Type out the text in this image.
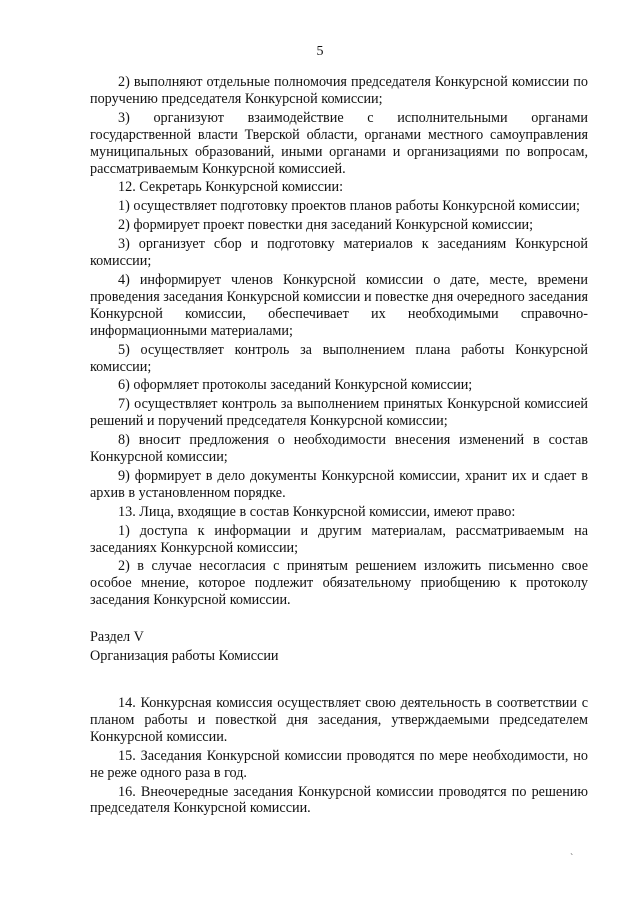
5

2) выполняют отдельные полномочия председателя Конкурсной комиссии по поручению председателя Конкурсной комиссии;

3) организуют взаимодействие с исполнительными органами государственной власти Тверской области, органами местного самоуправления муниципальных образований, иными органами и организациями по вопросам, рассматриваемым Конкурсной комиссией.

12. Секретарь Конкурсной комиссии:

1) осуществляет подготовку проектов планов работы Конкурсной комиссии;

2) формирует проект повестки дня заседаний Конкурсной комиссии;

3) организует сбор и подготовку материалов к заседаниям Конкурсной комиссии;

4) информирует членов Конкурсной комиссии о дате, месте, времени проведения заседания Конкурсной комиссии и повестке дня очередного заседания Конкурсной комиссии, обеспечивает их необходимыми справочно-информационными материалами;

5) осуществляет контроль за выполнением плана работы Конкурсной комиссии;

6) оформляет протоколы заседаний Конкурсной комиссии;

7) осуществляет контроль за выполнением принятых Конкурсной комиссией решений и поручений председателя Конкурсной комиссии;

8) вносит предложения о необходимости внесения изменений в состав Конкурсной комиссии;

9) формирует в дело документы Конкурсной комиссии, хранит их и сдает в архив в установленном порядке.

13. Лица, входящие в состав Конкурсной комиссии, имеют право:

1) доступа к информации и другим материалам, рассматриваемым на заседаниях Конкурсной комиссии;

2) в случае несогласия с принятым решением изложить письменно свое особое мнение, которое подлежит обязательному приобщению к протоколу заседания Конкурсной комиссии.

Раздел V

Организация работы Комиссии

14. Конкурсная комиссия осуществляет свою деятельность в соответствии с планом работы и повесткой дня заседания, утверждаемыми председателем Конкурсной комиссии.

15. Заседания Конкурсной комиссии проводятся по мере необходимости, но не реже одного раза в год.

16. Внеочередные заседания Конкурсной комиссии проводятся по решению председателя Конкурсной комиссии.

`
